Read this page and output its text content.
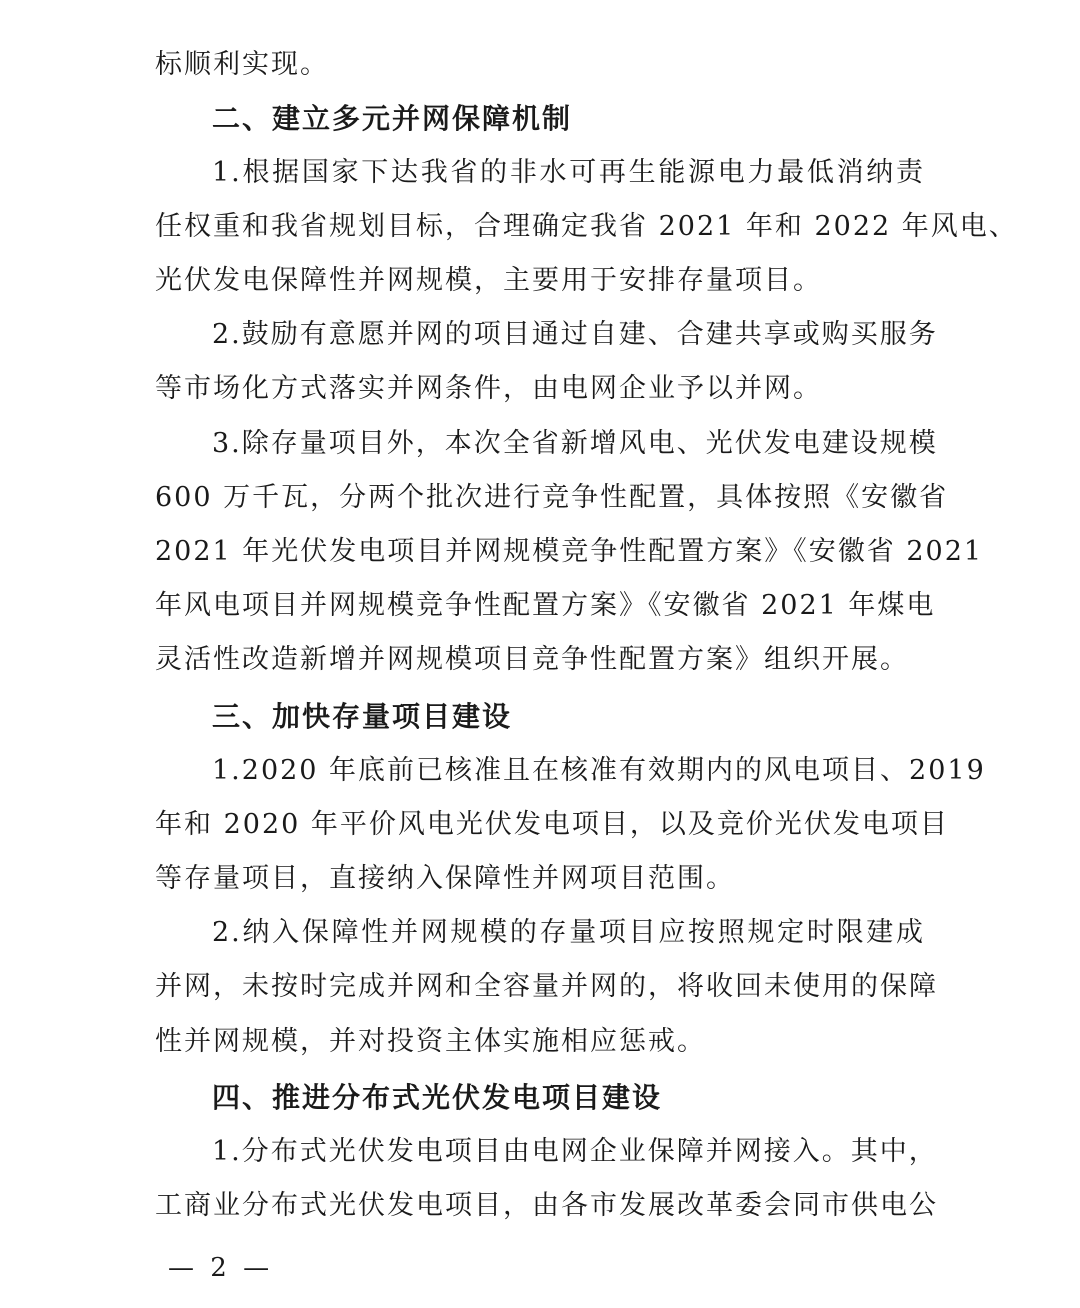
标顺利实现。
二、建立多元并网保障机制
1.根据国家下达我省的非水可再生能源电力最低消纳责
任权重和我省规划目标，合理确定我省 2021 年和 2022 年风电、
光伏发电保障性并网规模，主要用于安排存量项目。
2.鼓励有意愿并网的项目通过自建、合建共享或购买服务
等市场化方式落实并网条件，由电网企业予以并网。
3.除存量项目外，本次全省新增风电、光伏发电建设规模
600 万千瓦，分两个批次进行竞争性配置，具体按照《安徽省
2021 年光伏发电项目并网规模竞争性配置方案》《安徽省 2021
年风电项目并网规模竞争性配置方案》《安徽省 2021 年煤电
灵活性改造新增并网规模项目竞争性配置方案》组织开展。
三、加快存量项目建设
1.2020 年底前已核准且在核准有效期内的风电项目、2019
年和 2020 年平价风电光伏发电项目，以及竞价光伏发电项目
等存量项目，直接纳入保障性并网项目范围。
2.纳入保障性并网规模的存量项目应按照规定时限建成
并网，未按时完成并网和全容量并网的，将收回未使用的保障
性并网规模，并对投资主体实施相应惩戒。
四、推进分布式光伏发电项目建设
1.分布式光伏发电项目由电网企业保障并网接入。其中，
工商业分布式光伏发电项目，由各市发展改革委会同市供电公
— 2 —
